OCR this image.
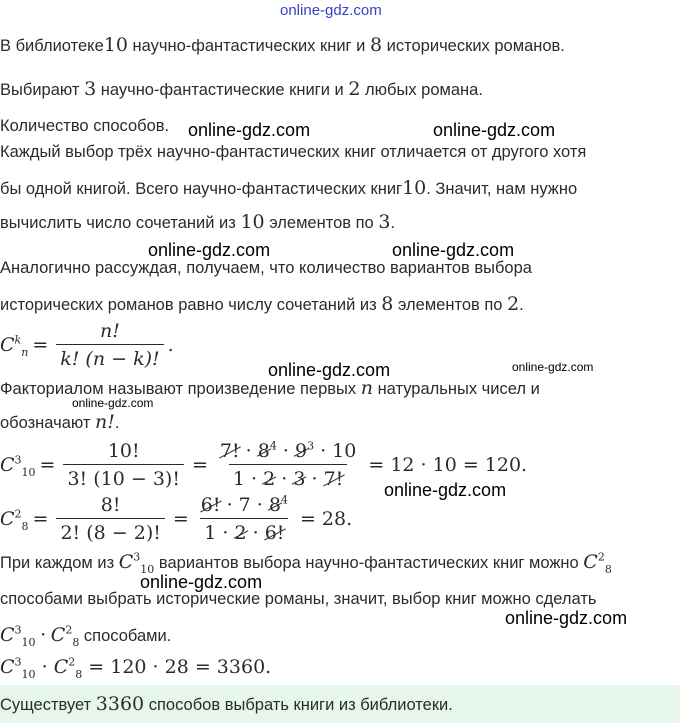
online-gdz.com
online-gdz.com	online-gdz.com
online-gdz.com	online-gdz.com
online-gdz.com	online-gdz.com
online-gdz.com
online-gdz.com
online-gdz.com
online-gdz.com
В библиотеке10 научно-фантастических книг и 8 исторических романов.
Выбирают 3 научно-фантастические книги и 2 любых романа.
Количество способов.
Каждый выбор трёх научно-фантастических книг отличается от другого хотя
бы одной книгой. Всего научно-фантастических книг10. Значит, нам нужно
вычислить число сочетаний из 10 элементов по 3.
Аналогично рассуждая, получаем, что количество вариантов выбора
исторических романов равно числу сочетаний из 8 элементов по 2.
$C^k_n = \frac{n!}{k! (n - k)!}$ .
Факториалом называют произведение первых n натуральных чисел и
обозначают n!.
$C^3_{10} = \frac{10!}{3! (10 - 3)!} = \frac{7! \cdot 8^4 \cdot 9^3 \cdot 10}{1 \cdot 2 \cdot 3 \cdot 7!} = 12 \cdot 10 = 120$.
$C^2_8 = \frac{8!}{2! (8 - 2)!} = \frac{6! \cdot 7 \cdot 8^4}{1 \cdot 2 \cdot 6!} = 28$.
При каждом из $C^3_{10}$ вариантов выбора научно-фантастических книг можно $C^2_8$
способами выбрать исторические романы, значит, выбор книг можно сделать
$C^3_{10} \cdot C^2_8$ способами.
$C^3_{10} \cdot C^2_8 = 120 \cdot 28 = 3360$.
Существует 3360 способов выбрать книги из библиотеки.
